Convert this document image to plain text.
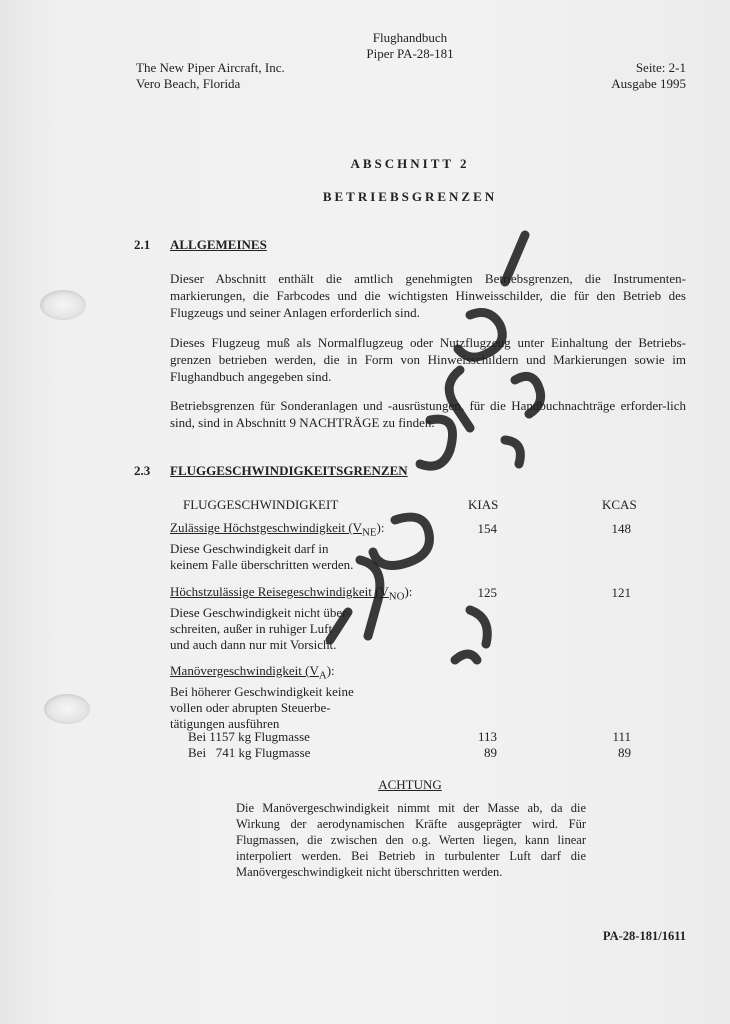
Flughandbuch
Piper PA-28-181
The New Piper Aircraft, Inc.
Vero Beach, Florida
Seite: 2-1
Ausgabe 1995
ABSCHNITT 2
BETRIEBSGRENZEN
2.1 ALLGEMEINES
Dieser Abschnitt enthält die amtlich genehmigten Betriebsgrenzen, die Instrumenten-markierungen, die Farbcodes und die wichtigsten Hinweisschilder, die für den Betrieb des Flugzeugs und seiner Anlagen erforderlich sind.
Dieses Flugzeug muß als Normalflugzeug oder Nutzflugzeug unter Einhaltung der Betriebs-grenzen betrieben werden, die in Form von Hinweisschildern und Markierungen sowie im Flughandbuch angegeben sind.
Betriebsgrenzen für Sonderanlagen und -ausrüstungen, für die Handbuchnachträge erforder-lich sind, sind in Abschnitt 9 NACHTRÄGE zu finden.
2.3 FLUGGESCHWINDIGKEITSGRENZEN
FLUGGESCHWINDIGKEIT	KIAS	KCAS
Zulässige Höchstgeschwindigkeit $(V_{NE})$:
Diese Geschwindigkeit darf in
keinem Falle überschritten werden.
154	148
Höchstzulässige Reisegeschwindigkeit $(V_{NO})$:
Diese Geschwindigkeit nicht über-
schreiten, außer in ruhiger Luft
und auch dann nur mit Vorsicht.
125	121
Manövergeschwindigkeit $(V_A)$:
Bei höherer Geschwindigkeit keine
vollen oder abrupten Steuerbe-
tätigungen ausführen
Bei 1157 kg Flugmasse	113	111
Bei   741 kg Flugmasse	89	89
ACHTUNG
Die Manövergeschwindigkeit nimmt mit der Masse ab, da die Wirkung der aerodynamischen Kräfte ausgeprägter wird. Für Flugmassen, die zwischen den o.g. Werten liegen, kann linear interpoliert werden. Bei Betrieb in turbulenter Luft darf die Manövergeschwindigkeit nicht überschritten werden.
PA-28-181/1611
